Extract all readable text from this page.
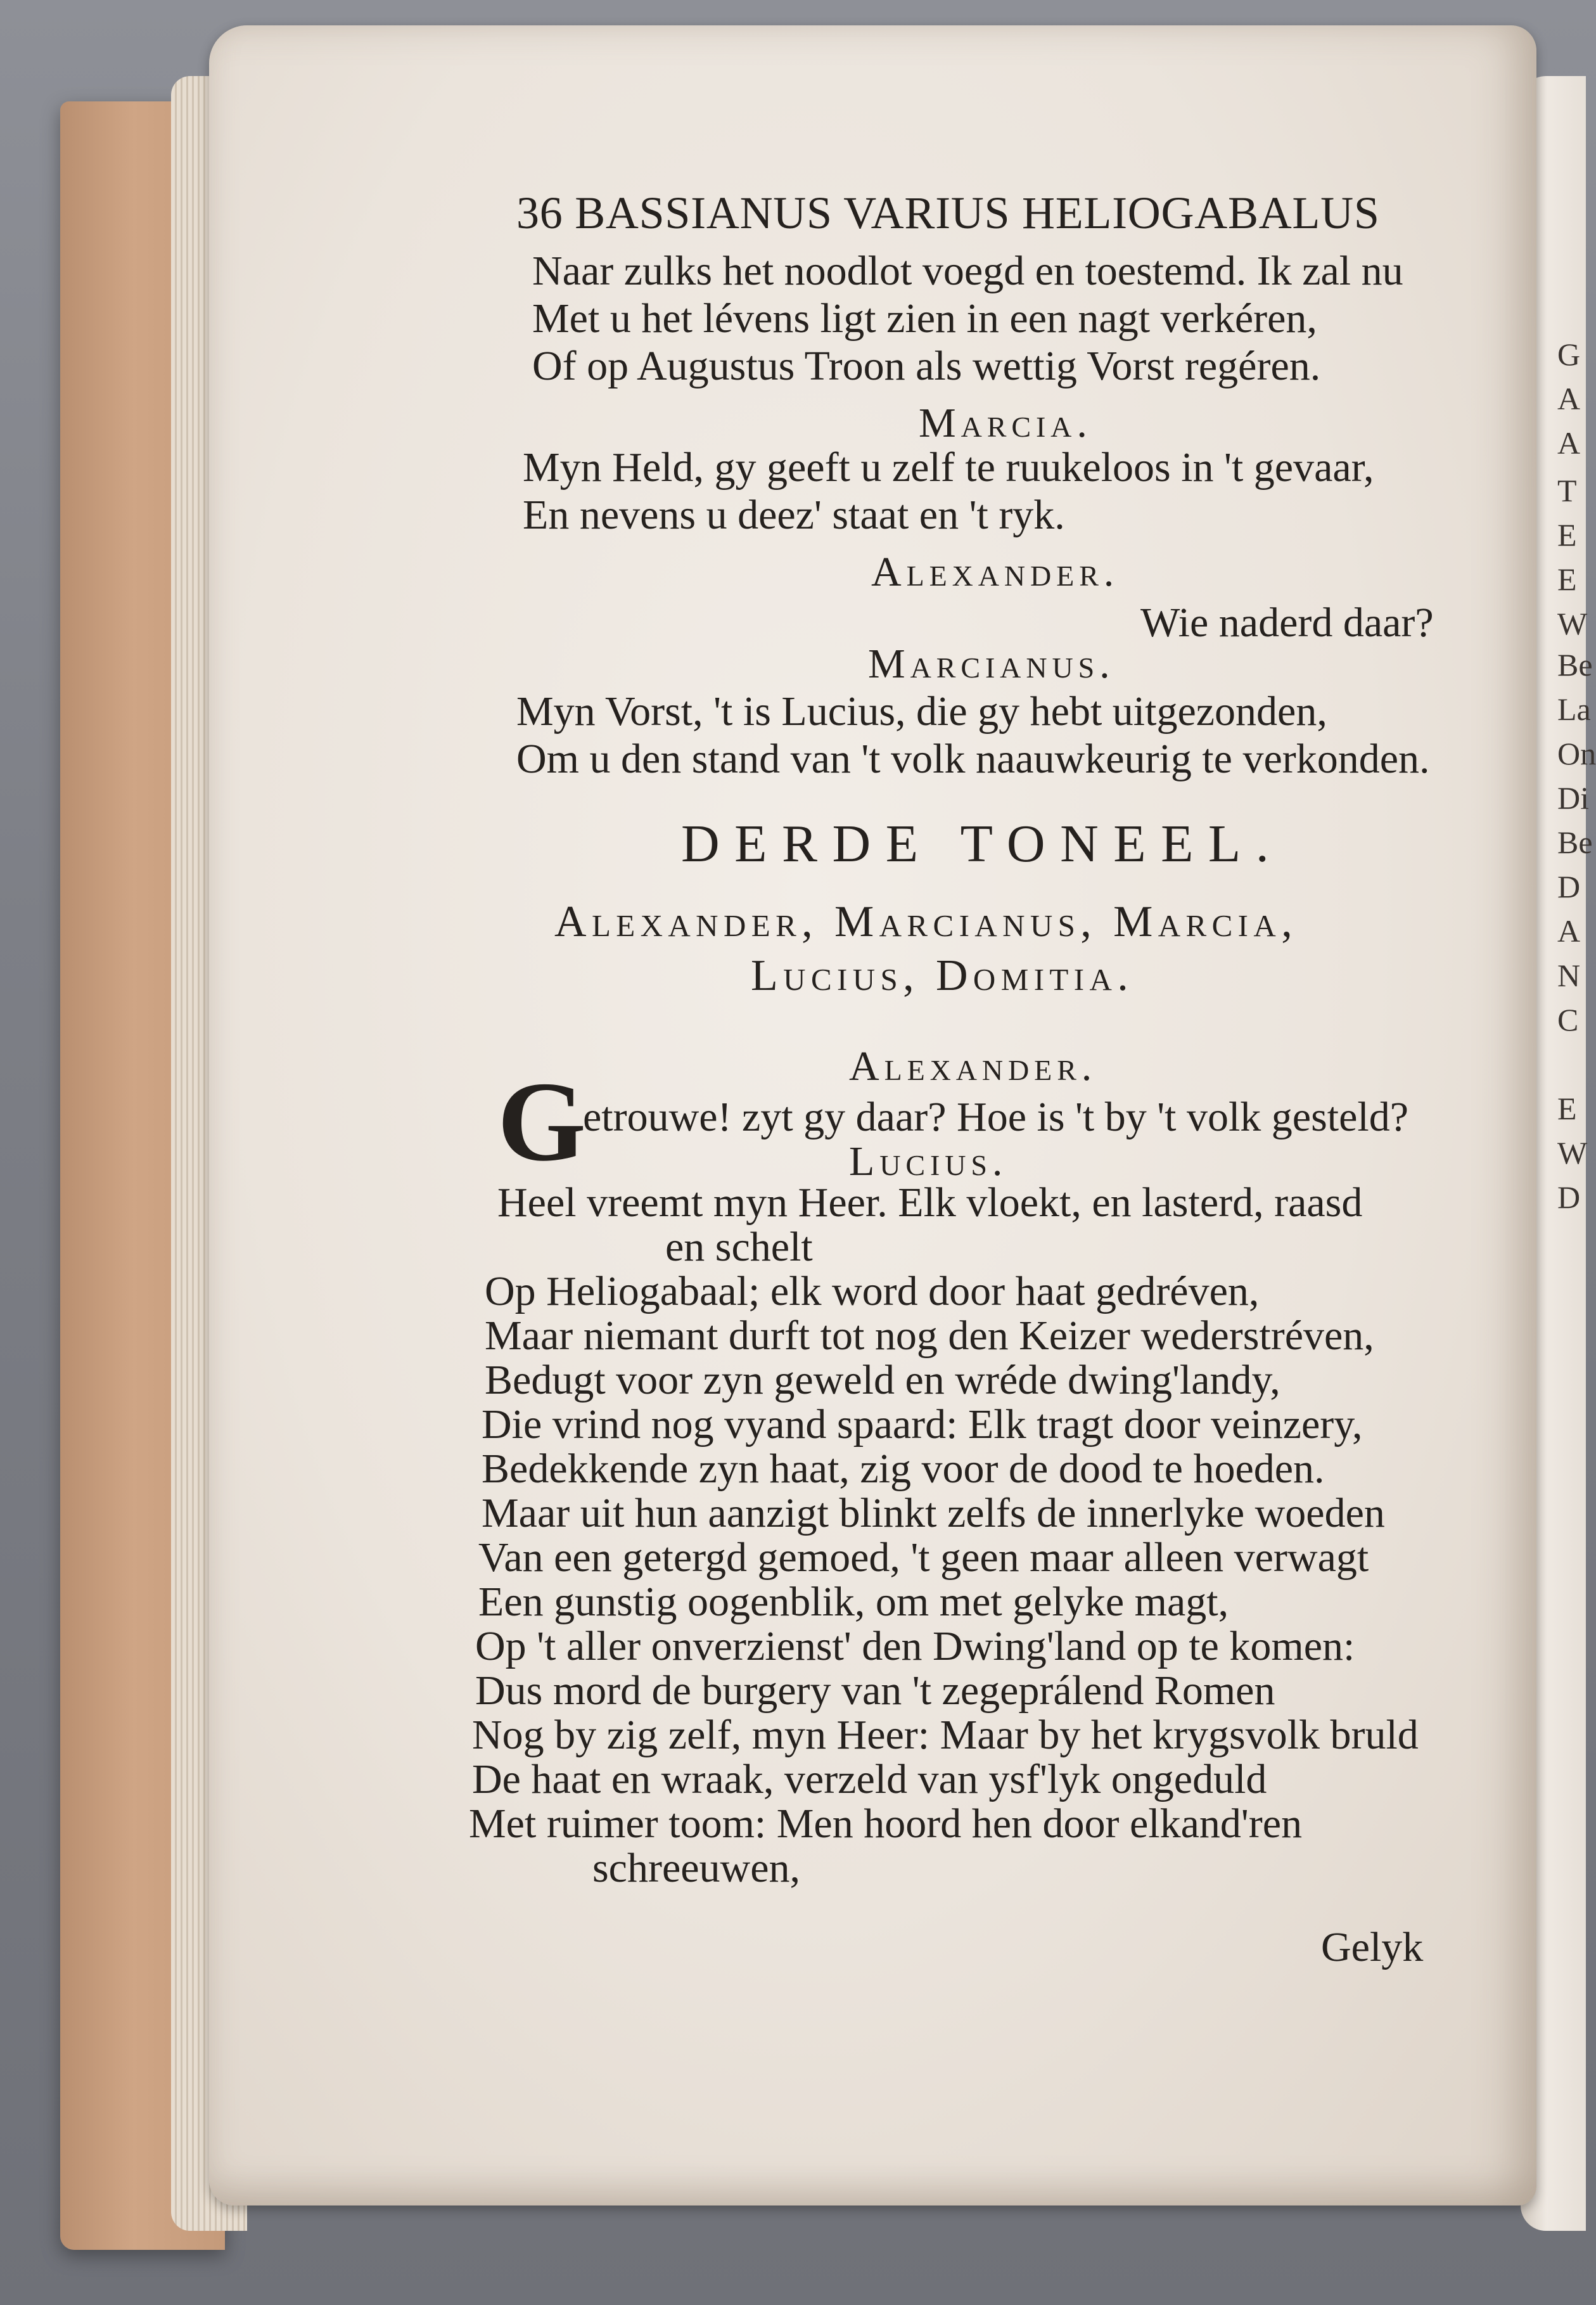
G
A
A
T
E
E
W
Be
La
On
Di
Be
D
A
N
C
E
W
D
36 BASSIANUS VARIUS HELIOGABALUS
Naar zulks het noodlot voegd en toestemd. Ik zal nu
Met u het lévens ligt zien in een nagt verkéren,
Of op Augustus Troon als wettig Vorst regéren.
Marcia.
Myn Held, gy geeft u zelf te ruukeloos in 't gevaar,
En nevens u deez' staat en 't ryk.
Alexander.
Wie naderd daar?
Marcianus.
Myn Vorst, 't is Lucius, die gy hebt uitgezonden,
Om u den stand van 't volk naauwkeurig te verkonden.
DERDE TONEEL.
Alexander, Marcianus, Marcia,
Lucius, Domitia.
Alexander.
G
etrouwe! zyt gy daar? Hoe is 't by 't volk gesteld?
Lucius.
Heel vreemt myn Heer. Elk vloekt, en lasterd, raasd
en schelt
Op Heliogabaal; elk word door haat gedréven,
Maar niemant durft tot nog den Keizer wederstréven,
Bedugt voor zyn geweld en wréde dwing'landy,
Die vrind nog vyand spaard: Elk tragt door veinzery,
Bedekkende zyn haat, zig voor de dood te hoeden.
Maar uit hun aanzigt blinkt zelfs de innerlyke woeden
Van een getergd gemoed, 't geen maar alleen verwagt
Een gunstig oogenblik, om met gelyke magt,
Op 't aller onverzienst' den Dwing'land op te komen:
Dus mord de burgery van 't zegeprálend Romen
Nog by zig zelf, myn Heer: Maar by het krygsvolk bruld
De haat en wraak, verzeld van ysf'lyk ongeduld
Met ruimer toom: Men hoord hen door elkand'ren
schreeuwen,
Gelyk
